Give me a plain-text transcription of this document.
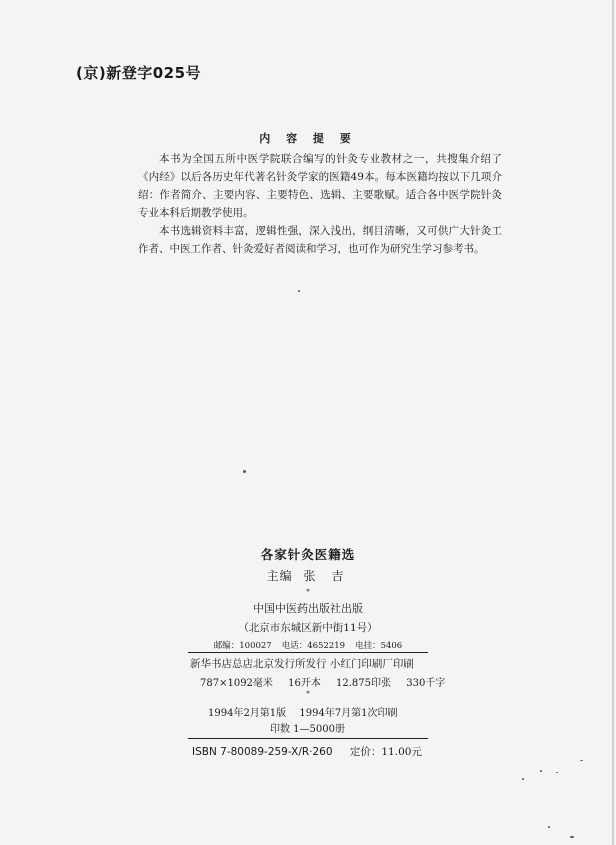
(京)新登字025号
内 容 提 要

本书为全国五所中医学院联合编写的针灸专业教材之一，共搜集介绍了《内经》以后各历史年代著名针灸学家的医籍49本。每本医籍均按以下几项介绍：作者简介、主要内容、主要特色、选辑、主要歌赋。适合各中医学院针灸专业本科后期教学使用。

本书选辑资料丰富，逻辑性强，深入浅出，纲目清晰，又可供广大针灸工作者、中医工作者、针灸爱好者阅读和学习，也可作为研究生学习参考书。

各家针灸医籍选
主编 张 吉
*
中国中医药出版社出版
（北京市东城区新中街11号）
邮编：100027 电话：4652219 电挂：5406
新华书店总店北京发行所发行 小红门印刷厂印刷
787×1092毫米 16开本 12.875印张 330千字
*
1994年2月第1版 1994年7月第1次印刷
印数 1—5000册
ISBN 7-80089-259-X/R·260 定价：11.00元
